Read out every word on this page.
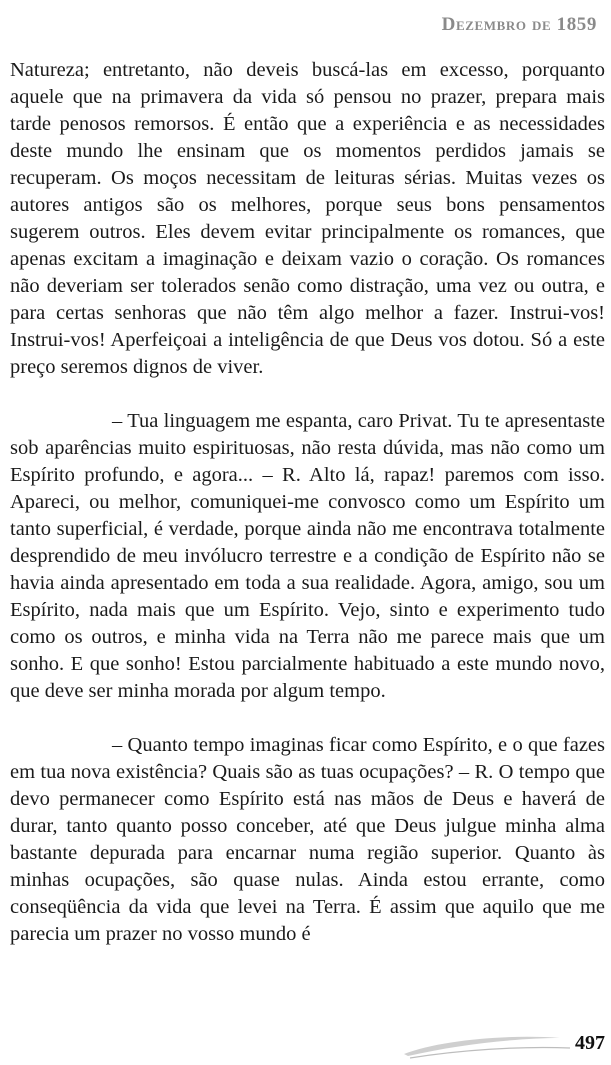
Dezembro de 1859

Natureza; entretanto, não deveis buscá-las em excesso, porquanto aquele que na primavera da vida só pensou no prazer, prepara mais tarde penosos remorsos. É então que a experiência e as necessidades deste mundo lhe ensinam que os momentos perdidos jamais se recuperam. Os moços necessitam de leituras sérias. Muitas vezes os autores antigos são os melhores, porque seus bons pensamentos sugerem outros. Eles devem evitar principalmente os romances, que apenas excitam a imaginação e deixam vazio o coração. Os romances não deveriam ser tolerados senão como distração, uma vez ou outra, e para certas senhoras que não têm algo melhor a fazer. Instrui-vos! Instrui-vos! Aperfeiçoai a inteligência de que Deus vos dotou. Só a este preço seremos dignos de viver.

– Tua linguagem me espanta, caro Privat. Tu te apresentaste sob aparências muito espirituosas, não resta dúvida, mas não como um Espírito profundo, e agora... – R. Alto lá, rapaz! paremos com isso. Apareci, ou melhor, comuniquei-me convosco como um Espírito um tanto superficial, é verdade, porque ainda não me encontrava totalmente desprendido de meu invólucro terrestre e a condição de Espírito não se havia ainda apresentado em toda a sua realidade. Agora, amigo, sou um Espírito, nada mais que um Espírito. Vejo, sinto e experimento tudo como os outros, e minha vida na Terra não me parece mais que um sonho. E que sonho! Estou parcialmente habituado a este mundo novo, que deve ser minha morada por algum tempo.

– Quanto tempo imaginas ficar como Espírito, e o que fazes em tua nova existência? Quais são as tuas ocupações? – R. O tempo que devo permanecer como Espírito está nas mãos de Deus e haverá de durar, tanto quanto posso conceber, até que Deus julgue minha alma bastante depurada para encarnar numa região superior. Quanto às minhas ocupações, são quase nulas. Ainda estou errante, como conseqüência da vida que levei na Terra. É assim que aquilo que me parecia um prazer no vosso mundo é

497
